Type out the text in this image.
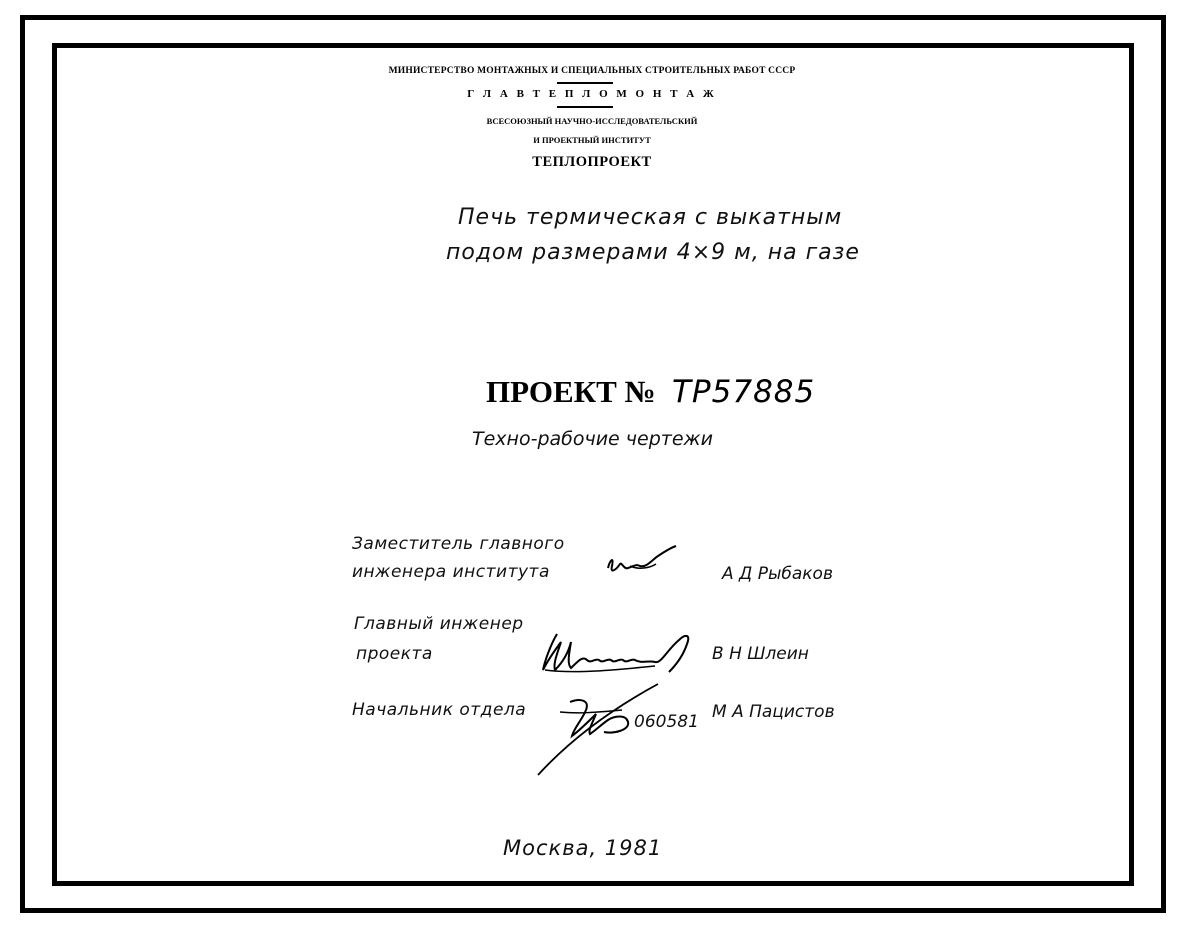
МИНИСТЕРСТВО МОНТАЖНЫХ И СПЕЦИАЛЬНЫХ СТРОИТЕЛЬНЫХ РАБОТ СССР
Г Л А В Т Е П Л О М О Н Т А Ж
ВСЕСОЮЗНЫЙ НАУЧНО-ИССЛЕДОВАТЕЛЬСКИЙ
И ПРОЕКТНЫЙ ИНСТИТУТ
ТЕПЛОПРОЕКТ
Печь термическая с выкатным
подом размерами 4×9 м, на газе
ПРОЕКТ № ТР57885
Техно-рабочие чертежи
Заместитель главного
инженера института	А Д Рыбаков
Главный инженер
проекта	В Н Шлеин
Начальник отдела
060581 М А Пацистов
Москва, 1981
